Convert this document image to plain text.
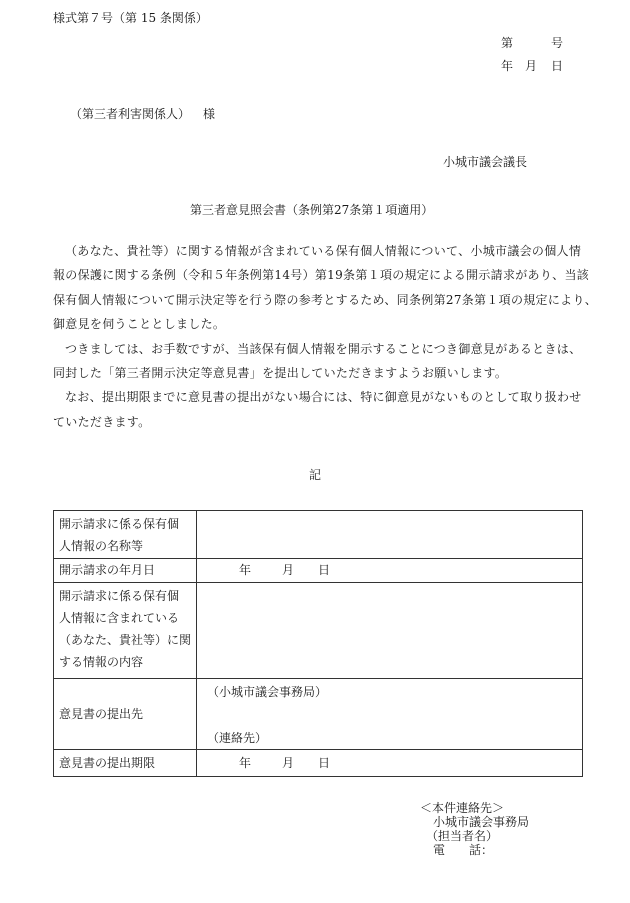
様式第７号（第 15 条関係）
第	号
年 月 日
（第三者利害関係人） 様
小城市議会議長
第三者意見照会書（条例第27条第１項適用）

（あなた、貴社等）に関する情報が含まれている保有個人情報について、小城市議会の個人情
報の保護に関する条例（令和５年条例第14号）第19条第１項の規定による開示請求があり、当該
保有個人情報について開示決定等を行う際の参考とするため、同条例第27条第１項の規定により、
御意見を伺うこととしました。

つきましては、お手数ですが、当該保有個人情報を開示することにつき御意見があるときは、
同封した「第三者開示決定等意見書」を提出していただきますようお願いします。

なお、提出期限までに意見書の提出がない場合には、特に御意見がないものとして取り扱わせ
ていただきます。

記
開示請求に係る保有個
人情報の名称等	

開示請求の年月日	年 月 日

開示請求に係る保有個
人情報に含まれている
（あなた、貴社等）に関
する情報の内容	

意見書の提出先	（小城市議会事務局）
（連絡先）

意見書の提出期限	年 月 日
＜本件連絡先＞
小城市議会事務局
（担当者名）
電　　話：
